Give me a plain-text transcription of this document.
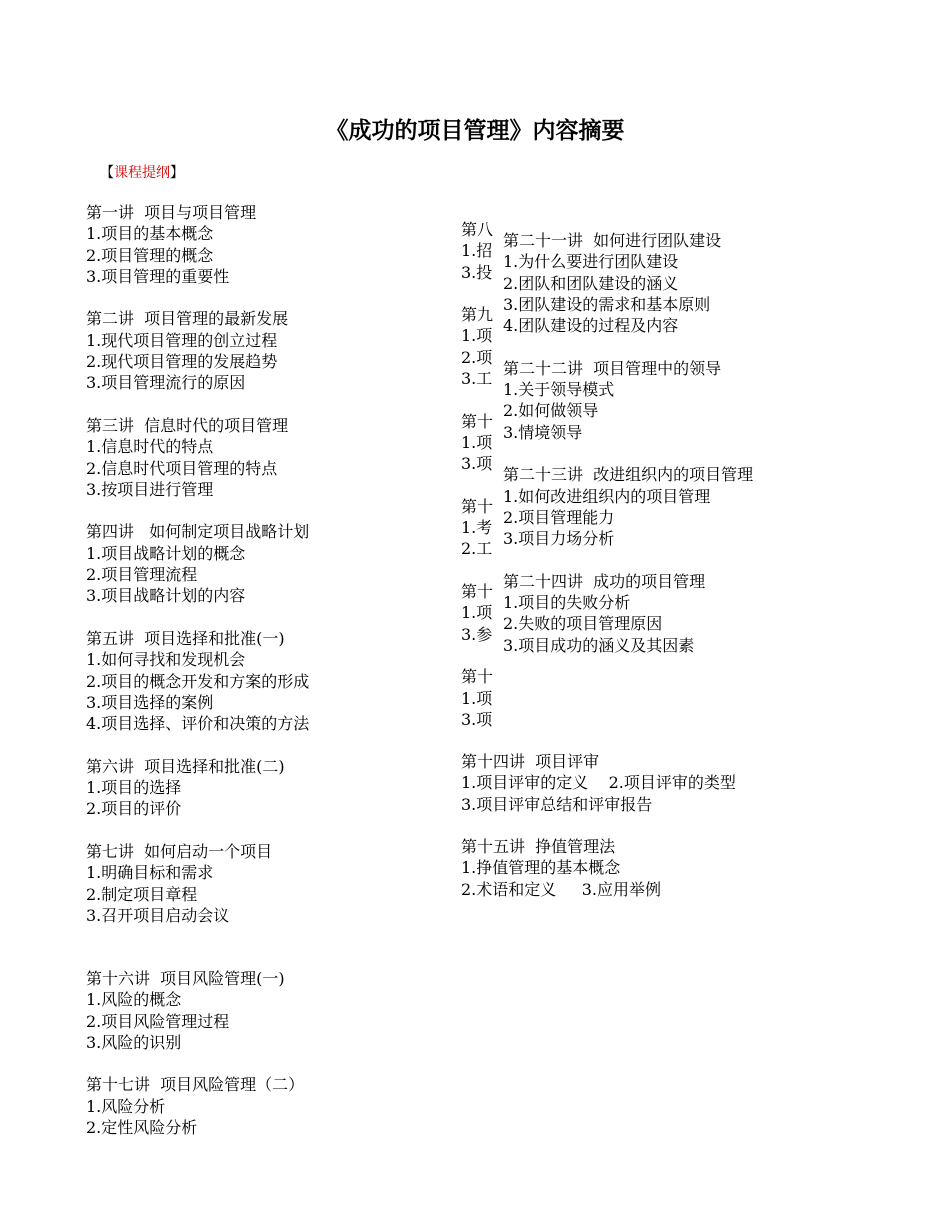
《成功的项目管理》内容摘要
【课程提纲】
第一讲  项目与项目管理
1.项目的基本概念
2.项目管理的概念
3.项目管理的重要性
第二讲  项目管理的最新发展
1.现代项目管理的创立过程
2.现代项目管理的发展趋势
3.项目管理流行的原因
第三讲  信息时代的项目管理
1.信息时代的特点
2.信息时代项目管理的特点
3.按项目进行管理
第四讲   如何制定项目战略计划
1.项目战略计划的概念
2.项目管理流程
3.项目战略计划的内容
第五讲  项目选择和批准(一)
1.如何寻找和发现机会
2.项目的概念开发和方案的形成
3.项目选择的案例
4.项目选择、评价和决策的方法
第六讲  项目选择和批准(二)
1.项目的选择
2.项目的评价
第七讲  如何启动一个项目
1.明确目标和需求
2.制定项目章程
3.召开项目启动会议
第八
1.招
3.投
第九
1.项
2.项
3.工
第十
1.项
3.项
第十
1.考
2.工
第十
1.项
3.参
第十
1.项
3.项
第二十一讲  如何进行团队建设
1.为什么要进行团队建设
2.团队和团队建设的涵义
3.团队建设的需求和基本原则
4.团队建设的过程及内容
第二十二讲  项目管理中的领导
1.关于领导模式
2.如何做领导
3.情境领导
第二十三讲  改进组织内的项目管理
1.如何改进组织内的项目管理
2.项目管理能力
3.项目力场分析
第二十四讲  成功的项目管理
1.项目的失败分析
2.失败的项目管理原因
3.项目成功的涵义及其因素
第十四讲  项目评审
1.项目评审的定义    2.项目评审的类型
3.项目评审总结和评审报告
第十五讲  挣值管理法
1.挣值管理的基本概念
2.术语和定义     3.应用举例
第十六讲  项目风险管理(一)
1.风险的概念
2.项目风险管理过程
3.风险的识别
第十七讲  项目风险管理（二）
1.风险分析
2.定性风险分析
